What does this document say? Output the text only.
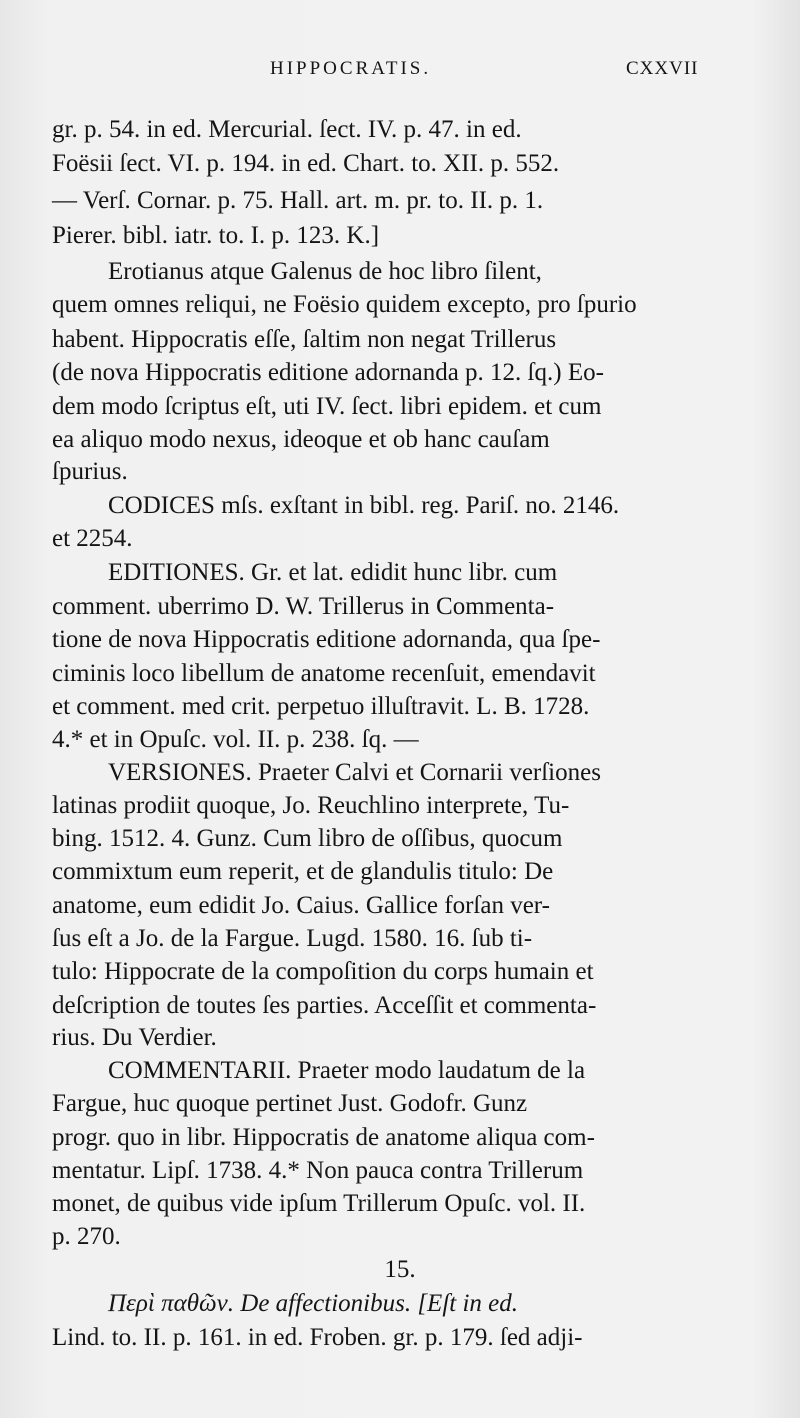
HIPPOCRATIS.	CXXVII
gr. p. 54. in ed. Mercurial. ſect. IV. p. 47. in ed.
Foësii ſect. VI. p. 194. in ed. Chart. to. XII. p. 552.
— Verſ. Cornar. p. 75. Hall. art. m. pr. to. II. p. 1.
Pierer. bibl. iatr. to. I. p. 123. K.]
Erotianus atque Galenus de hoc libro ſilent,
quem omnes reliqui, ne Foësio quidem excepto, pro ſpurio
habent. Hippocratis eſſe, ſaltim non negat Trillerus
(de nova Hippocratis editione adornanda p. 12. ſq.) Eo-
dem modo ſcriptus eſt, uti IV. ſect. libri epidem. et cum
ea aliquo modo nexus, ideoque et ob hanc cauſam
ſpurius.
CODICES mſs. exſtant in bibl. reg. Pariſ. no. 2146.
et 2254.
EDITIONES. Gr. et lat. edidit hunc libr. cum
comment. uberrimo D. W. Trillerus in Commenta-
tione de nova Hippocratis editione adornanda, qua ſpe-
ciminis loco libellum de anatome recenſuit, emendavit
et comment. med crit. perpetuo illuſtravit. L. B. 1728.
4.* et in Opuſc. vol. II. p. 238. ſq. —
VERSIONES. Praeter Calvi et Cornarii verſiones
latinas prodiit quoque, Jo. Reuchlino interprete, Tu-
bing. 1512. 4. Gunz. Cum libro de oſſibus, quocum
commixtum eum reperit, et de glandulis titulo: De
anatome, eum edidit Jo. Caius. Gallice forſan ver-
ſus eſt a Jo. de la Fargue. Lugd. 1580. 16. ſub ti-
tulo: Hippocrate de la compoſition du corps humain et
deſcription de toutes ſes parties. Acceſſit et commenta-
rius. Du Verdier.
COMMENTARII. Praeter modo laudatum de la
Fargue, huc quoque pertinet Just. Godofr. Gunz
progr. quo in libr. Hippocratis de anatome aliqua com-
mentatur. Lipſ. 1738. 4.* Non pauca contra Trillerum
monet, de quibus vide ipſum Trillerum Opuſc. vol. II.
p. 270.
15.
Περὶ παθῶν. De affectionibus. [Eſt in ed.
Lind. to. II. p. 161. in ed. Froben. gr. p. 179. ſed adji-
